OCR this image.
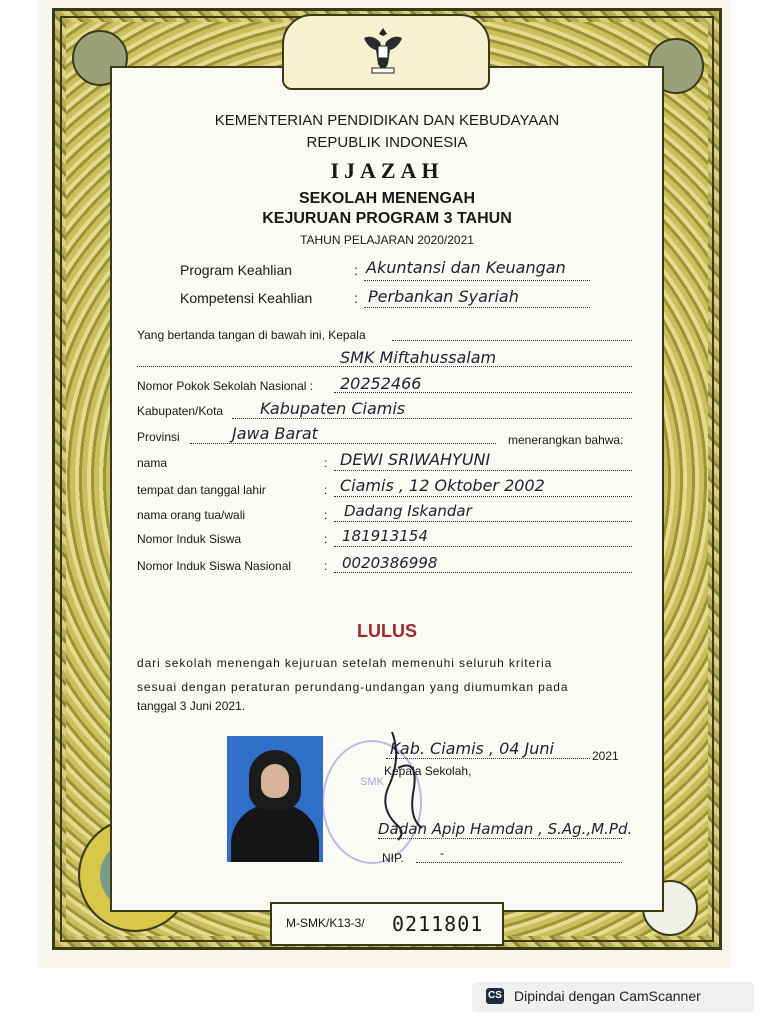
KEMENTERIAN PENDIDIKAN DAN KEBUDAYAAN
REPUBLIK INDONESIA
IJAZAH
SEKOLAH MENENGAH
KEJURUAN PROGRAM 3 TAHUN
TAHUN PELAJARAN 2020/2021
Program Keahlian	: Akuntansi dan Keuangan
Kompetensi Keahlian	: Perbankan Syariah
Yang bertanda tangan di bawah ini, Kepala
SMK Miftahussalam
Nomor Pokok Sekolah Nasional : 20252466
Kabupaten/Kota Kabupaten Ciamis
Provinsi	Jawa Barat	menerangkan bahwa:
nama	: DEWI SRIWAHYUNI
tempat dan tanggal lahir	: Ciamis , 12 Oktober 2002
nama orang tua/wali	: Dadang Iskandar
Nomor Induk Siswa	: 181913154
Nomor Induk Siswa Nasional	: 0020386998
LULUS
dari sekolah menengah kejuruan setelah memenuhi seluruh kriteria
sesuai dengan peraturan perundang-undangan yang diumumkan pada
tanggal 3 Juni 2021.
SMK
Kab. Ciamis , 04 Juni	2021
Kepala Sekolah,
Dadan Apip Hamdan , S.Ag.,M.Pd.
NIP.	-
M-SMK/K13-3/ 0211801
CS Dipindai dengan CamScanner
